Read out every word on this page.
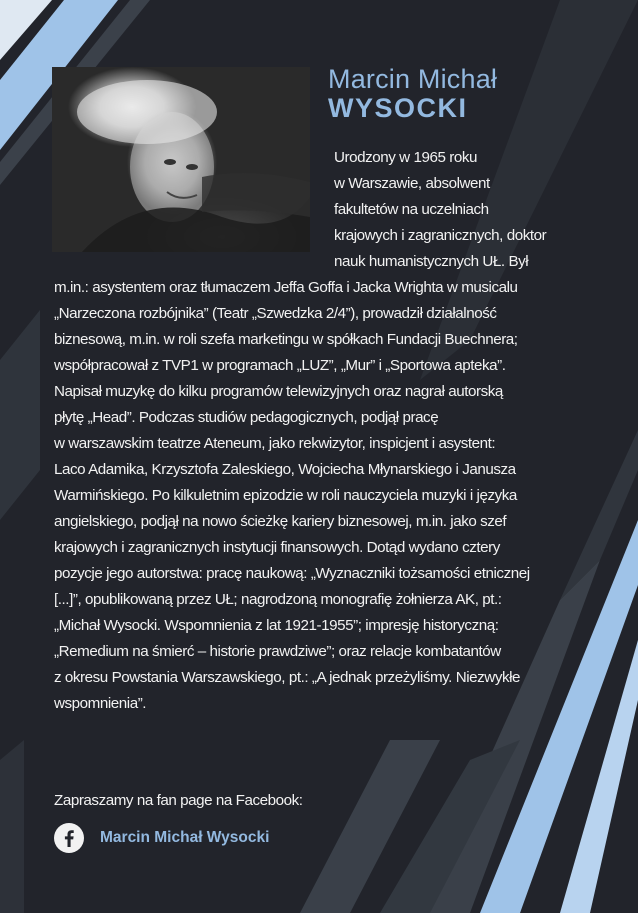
Marcin Michał
WYSOCKI
Urodzony w 1965 roku
w Warszawie, absolwent
fakultetów na uczelniach
krajowych i zagranicznych, doktor
nauk humanistycznych UŁ. Był
m.in.: asystentem oraz tłumaczem Jeffa Goffa i Jacka Wrighta w musicalu
„Narzeczona rozbójnika” (Teatr „Szwedzka 2/4”), prowadził działalność
biznesową, m.in. w roli szefa marketingu w spółkach Fundacji Buechnera;
współpracował z TVP1 w programach „LUZ”, „Mur” i „Sportowa apteka”.
Napisał muzykę do kilku programów telewizyjnych oraz nagrał autorską
płytę „Head”. Podczas studiów pedagogicznych, podjął pracę
w warszawskim teatrze Ateneum, jako rekwizytor, inspicjent i asystent:
Laco Adamika, Krzysztofa Zaleskiego, Wojciecha Młynarskiego i Janusza
Warmińskiego. Po kilkuletnim epizodzie w roli nauczyciela muzyki i języka
angielskiego, podjął na nowo ścieżkę kariery biznesowej, m.in. jako szef
krajowych i zagranicznych instytucji finansowych. Dotąd wydano cztery
pozycje jego autorstwa: pracę naukową: „Wyznaczniki tożsamości etnicznej
[...]”, opublikowaną przez UŁ; nagrodzoną monografię żołnierza AK, pt.:
„Michał Wysocki. Wspomnienia z lat 1921-1955”; impresję historyczną:
„Remedium na śmierć – historie prawdziwe”; oraz relacje kombatantów
z okresu Powstania Warszawskiego, pt.: „A jednak przeżyliśmy. Niezwykłe
wspomnienia”.
Zapraszamy na fan page na Facebook:
Marcin Michał Wysocki
